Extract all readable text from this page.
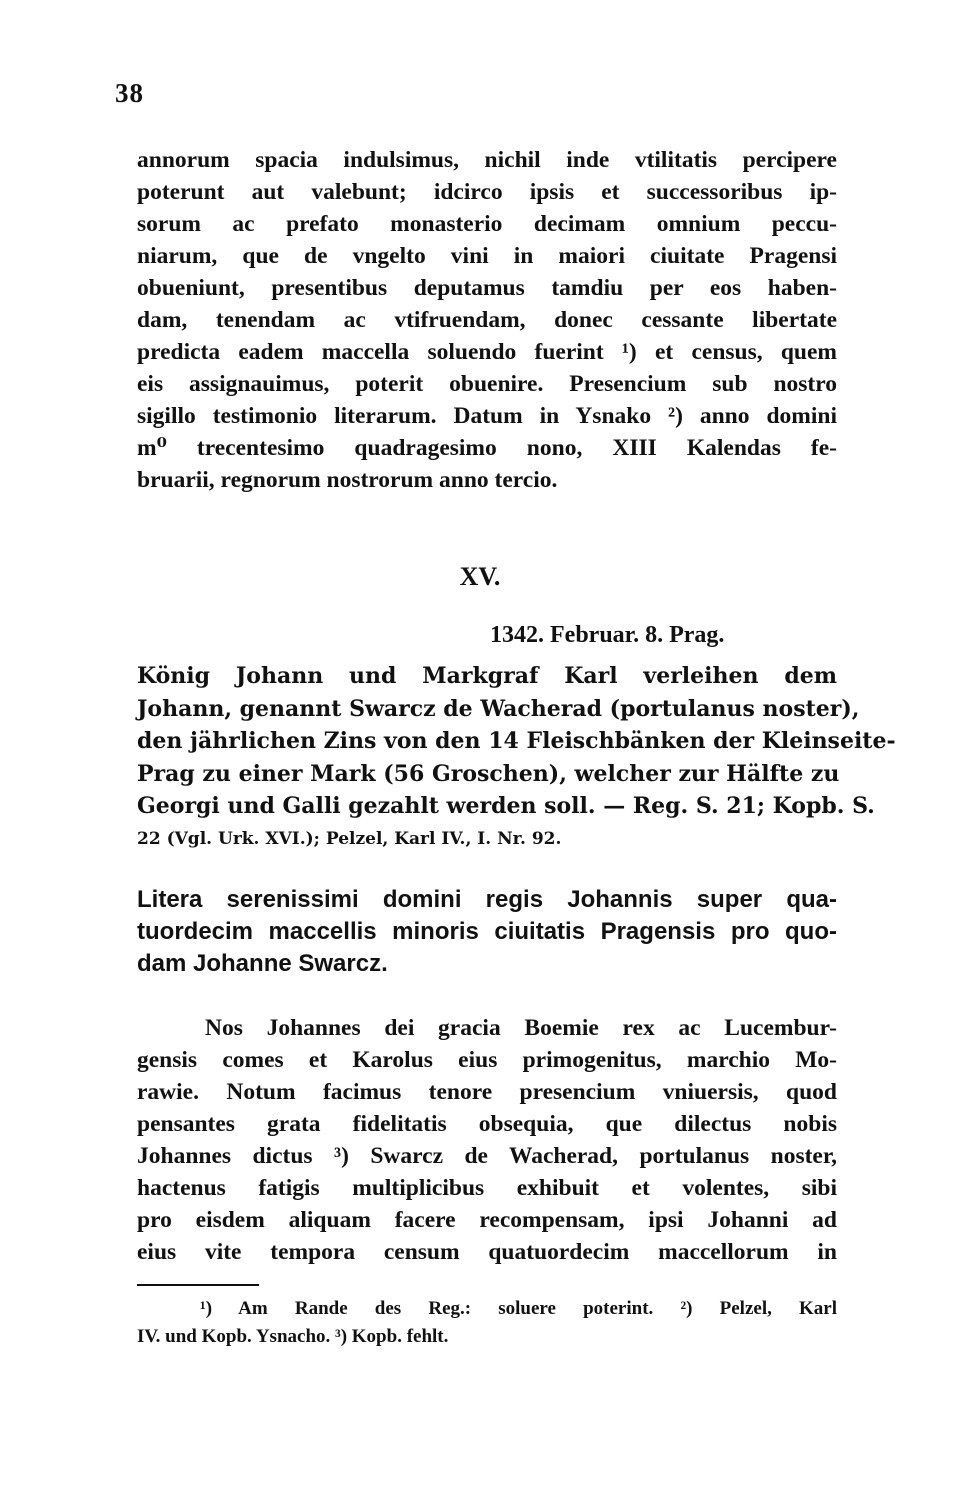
38
annorum spacia indulsimus, nichil inde vtilitatis percipere
poterunt aut valebunt; idcirco ipsis et successoribus ip-
sorum ac prefato monasterio decimam omnium peccu-
niarum, que de vngelto vini in maiori ciuitate Pragensi
obueniunt, presentibus deputamus tamdiu per eos haben-
dam, tenendam ac vtifruendam, donec cessante libertate
predicta eadem maccella soluendo fuerint ¹) et census, quem
eis assignauimus, poterit obuenire. Presencium sub nostro
sigillo testimonio literarum. Datum in Ysnako ²) anno domini
m⁰ trecentesimo quadragesimo nono, XIII Kalendas fe-
bruarii, regnorum nostrorum anno tercio.
XV.
1342. Februar. 8. Prag.
König Johann und Markgraf Karl verleihen dem
Johann, genannt Swarcz de Wacherad (portulanus noster),
den jährlichen Zins von den 14 Fleischbänken der Kleinseite-
Prag zu einer Mark (56 Groschen), welcher zur Hälfte zu
Georgi und Galli gezahlt werden soll. — Reg. S. 21; Kopb. S.
22 (Vgl. Urk. XVI.); Pelzel, Karl IV., I. Nr. 92.
Litera serenissimi domini regis Johannis super qua-
tuordecim maccellis minoris ciuitatis Pragensis pro quo-
dam Johanne Swarcz.
Nos Johannes dei gracia Boemie rex ac Lucembur-
gensis comes et Karolus eius primogenitus, marchio Mo-
rawie. Notum facimus tenore presencium vniuersis, quod
pensantes grata fidelitatis obsequia, que dilectus nobis
Johannes dictus ³) Swarcz de Wacherad, portulanus noster,
hactenus fatigis multiplicibus exhibuit et volentes, sibi
pro eisdem aliquam facere recompensam, ipsi Johanni ad
eius vite tempora censum quatuordecim maccellorum in
¹) Am Rande des Reg.: soluere poterint. ²) Pelzel, Karl
IV. und Kopb. Ysnacho. ³) Kopb. fehlt.
